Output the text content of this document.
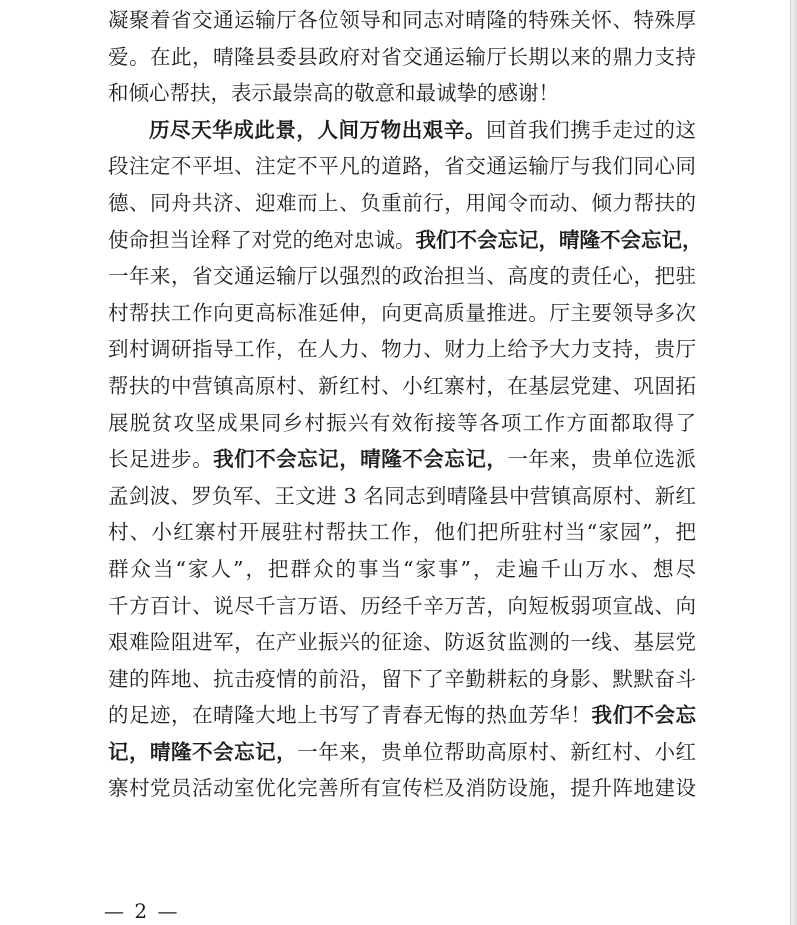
凝聚着省交通运输厅各位领导和同志对晴隆的特殊关怀、特殊厚
爱。在此，晴隆县委县政府对省交通运输厅长期以来的鼎力支持
和倾心帮扶，表示最崇高的敬意和最诚挚的感谢！
历尽天华成此景，人间万物出艰辛。回首我们携手走过的这
段注定不平坦、注定不平凡的道路，省交通运输厅与我们同心同
德、同舟共济、迎难而上、负重前行，用闻令而动、倾力帮扶的
使命担当诠释了对党的绝对忠诚。我们不会忘记，晴隆不会忘记，
一年来，省交通运输厅以强烈的政治担当、高度的责任心，把驻
村帮扶工作向更高标准延伸，向更高质量推进。厅主要领导多次
到村调研指导工作，在人力、物力、财力上给予大力支持，贵厅
帮扶的中营镇高原村、新红村、小红寨村，在基层党建、巩固拓
展脱贫攻坚成果同乡村振兴有效衔接等各项工作方面都取得了
长足进步。我们不会忘记，晴隆不会忘记，一年来，贵单位选派
孟剑波、罗负军、王文进 3 名同志到晴隆县中营镇高原村、新红
村、小红寨村开展驻村帮扶工作，他们把所驻村当“家园”，把
群众当“家人”，把群众的事当“家事”，走遍千山万水、想尽
千方百计、说尽千言万语、历经千辛万苦，向短板弱项宣战、向
艰难险阻进军，在产业振兴的征途、防返贫监测的一线、基层党
建的阵地、抗击疫情的前沿，留下了辛勤耕耘的身影、默默奋斗
的足迹，在晴隆大地上书写了青春无悔的热血芳华！我们不会忘
记，晴隆不会忘记，一年来，贵单位帮助高原村、新红村、小红
寨村党员活动室优化完善所有宣传栏及消防设施，提升阵地建设
— 2 —
